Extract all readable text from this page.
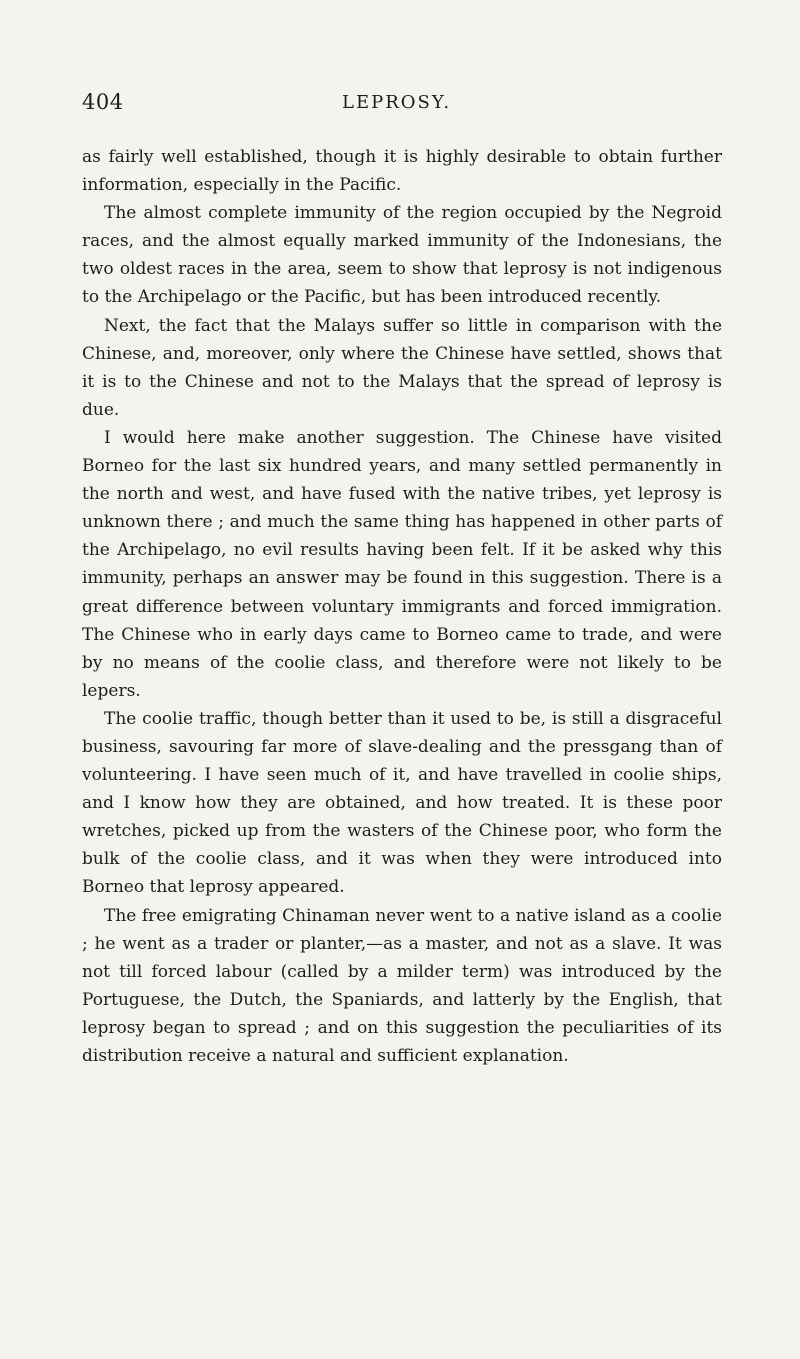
404	LEPROSY.

as fairly well established, though it is highly desirable to obtain further information, especially in the Pacific.

The almost complete immunity of the region occupied by the Negroid races, and the almost equally marked immunity of the Indonesians, the two oldest races in the area, seem to show that leprosy is not indigenous to the Archipelago or the Pacific, but has been introduced recently.

Next, the fact that the Malays suffer so little in comparison with the Chinese, and, moreover, only where the Chinese have settled, shows that it is to the Chinese and not to the Malays that the spread of leprosy is due.

I would here make another suggestion. The Chinese have visited Borneo for the last six hundred years, and many settled permanently in the north and west, and have fused with the native tribes, yet leprosy is unknown there ; and much the same thing has happened in other parts of the Archipelago, no evil results having been felt. If it be asked why this immunity, perhaps an answer may be found in this suggestion. There is a great difference between voluntary immigrants and forced immigration. The Chinese who in early days came to Borneo came to trade, and were by no means of the coolie class, and therefore were not likely to be lepers.

The coolie traffic, though better than it used to be, is still a disgraceful business, savouring far more of slave-dealing and the pressgang than of volunteering. I have seen much of it, and have travelled in coolie ships, and I know how they are obtained, and how treated. It is these poor wretches, picked up from the wasters of the Chinese poor, who form the bulk of the coolie class, and it was when they were introduced into Borneo that leprosy appeared.

The free emigrating Chinaman never went to a native island as a coolie ; he went as a trader or planter,—as a master, and not as a slave. It was not till forced labour (called by a milder term) was introduced by the Portuguese, the Dutch, the Spaniards, and latterly by the English, that leprosy began to spread ; and on this suggestion the peculiarities of its distribution receive a natural and sufficient explanation.
